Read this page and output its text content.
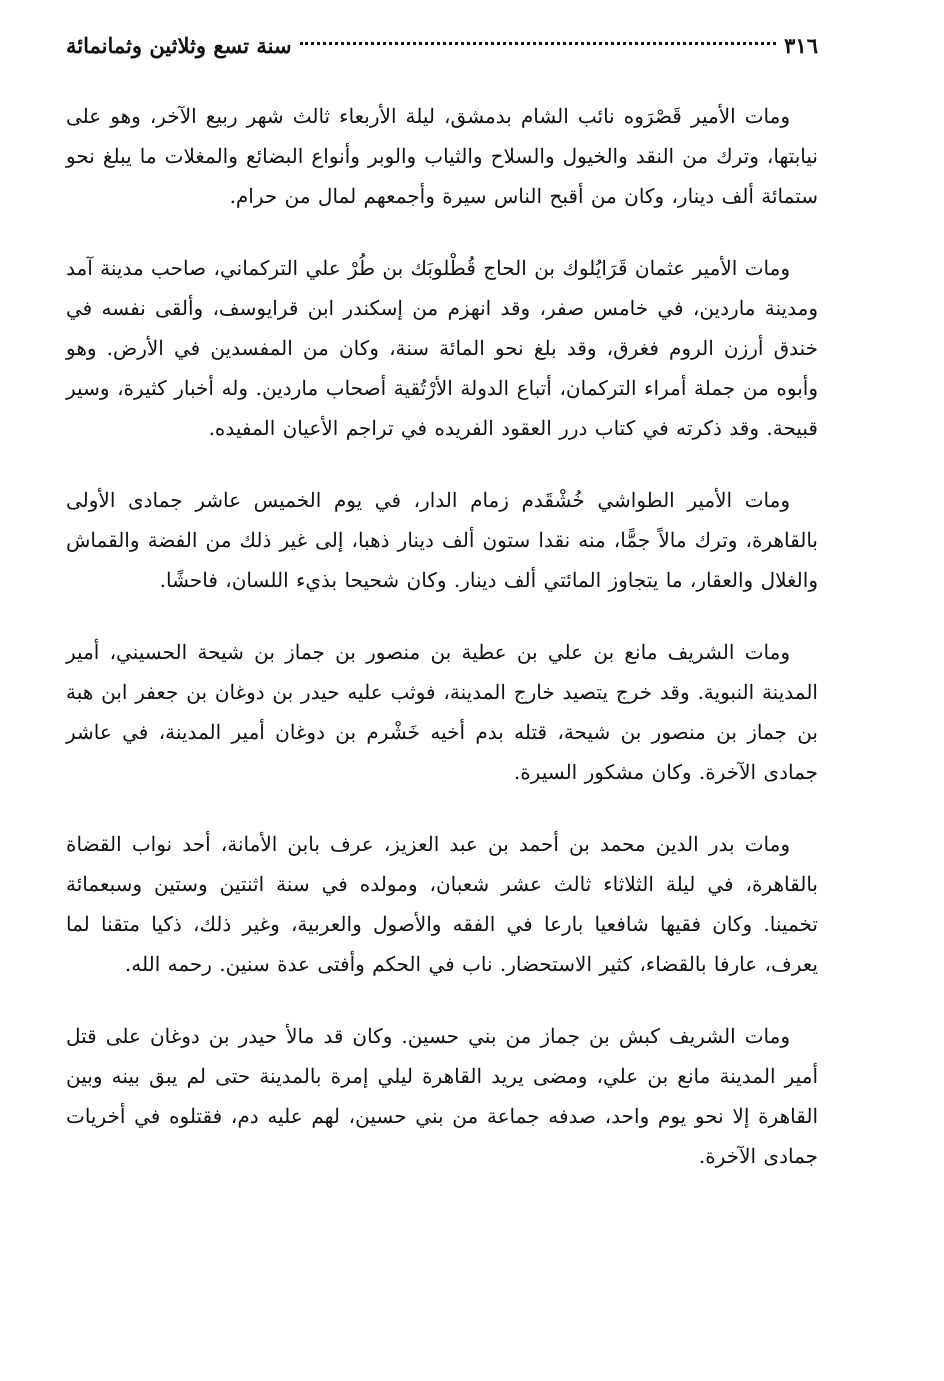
٣١٦
سنة تسع وثلاثين وثمانمائة

ومات الأمير قَصْرَوه نائب الشام بدمشق، ليلة الأربعاء ثالث شهر ربيع الآخر، وهو على نيابتها، وترك من النقد والخيول والسلاح والثياب والوبر وأنواع البضائع والمغلات ما يبلغ نحو ستمائة ألف دينار، وكان من أقبح الناس سيرة وأجمعهم لمال من حرام.

ومات الأمير عثمان قَرَايُلوك بن الحاج قُطْلوبَك بن طُرْ علي التركماني، صاحب مدينة آمد ومدينة ماردين، في خامس صفر، وقد انهزم من إسكندر ابن قرايوسف، وألقى نفسه في خندق أرزن الروم فغرق، وقد بلغ نحو المائة سنة، وكان من المفسدين في الأرض. وهو وأبوه من جملة أمراء التركمان، أتباع الدولة الأرْتُقية أصحاب ماردين. وله أخبار كثيرة، وسير قبيحة. وقد ذكرته في كتاب درر العقود الفريده في تراجم الأعيان المفيده.

ومات الأمير الطواشي خُشْقَدم زمام الدار، في يوم الخميس عاشر جمادى الأولى بالقاهرة، وترك مالاً جمًّا، منه نقدا ستون ألف دينار ذهبا، إلى غير ذلك من الفضة والقماش والغلال والعقار، ما يتجاوز المائتي ألف دينار. وكان شحيحا بذيء اللسان، فاحشًا.

ومات الشريف مانع بن علي بن عطية بن منصور بن جماز بن شيحة الحسيني، أمير المدينة النبوية. وقد خرج يتصيد خارج المدينة، فوثب عليه حيدر بن دوغان بن جعفر ابن هبة بن جماز بن منصور بن شيحة، قتله بدم أخيه خَشْرم بن دوغان أمير المدينة، في عاشر جمادى الآخرة. وكان مشكور السيرة.

ومات بدر الدين محمد بن أحمد بن عبد العزيز، عرف بابن الأمانة، أحد نواب القضاة بالقاهرة، في ليلة الثلاثاء ثالث عشر شعبان، ومولده في سنة اثنتين وستين وسبعمائة تخمينا. وكان فقيها شافعيا بارعا في الفقه والأصول والعربية، وغير ذلك، ذكيا متقنا لما يعرف، عارفا بالقضاء، كثير الاستحضار. ناب في الحكم وأفتى عدة سنين. رحمه الله.

ومات الشريف كبش بن جماز من بني حسين. وكان قد مالأ حيدر بن دوغان على قتل أمير المدينة مانع بن علي، ومضى يريد القاهرة ليلي إمرة بالمدينة حتى لم يبق بينه وبين القاهرة إلا نحو يوم واحد، صدفه جماعة من بني حسين، لهم عليه دم، فقتلوه في أخريات جمادى الآخرة.
